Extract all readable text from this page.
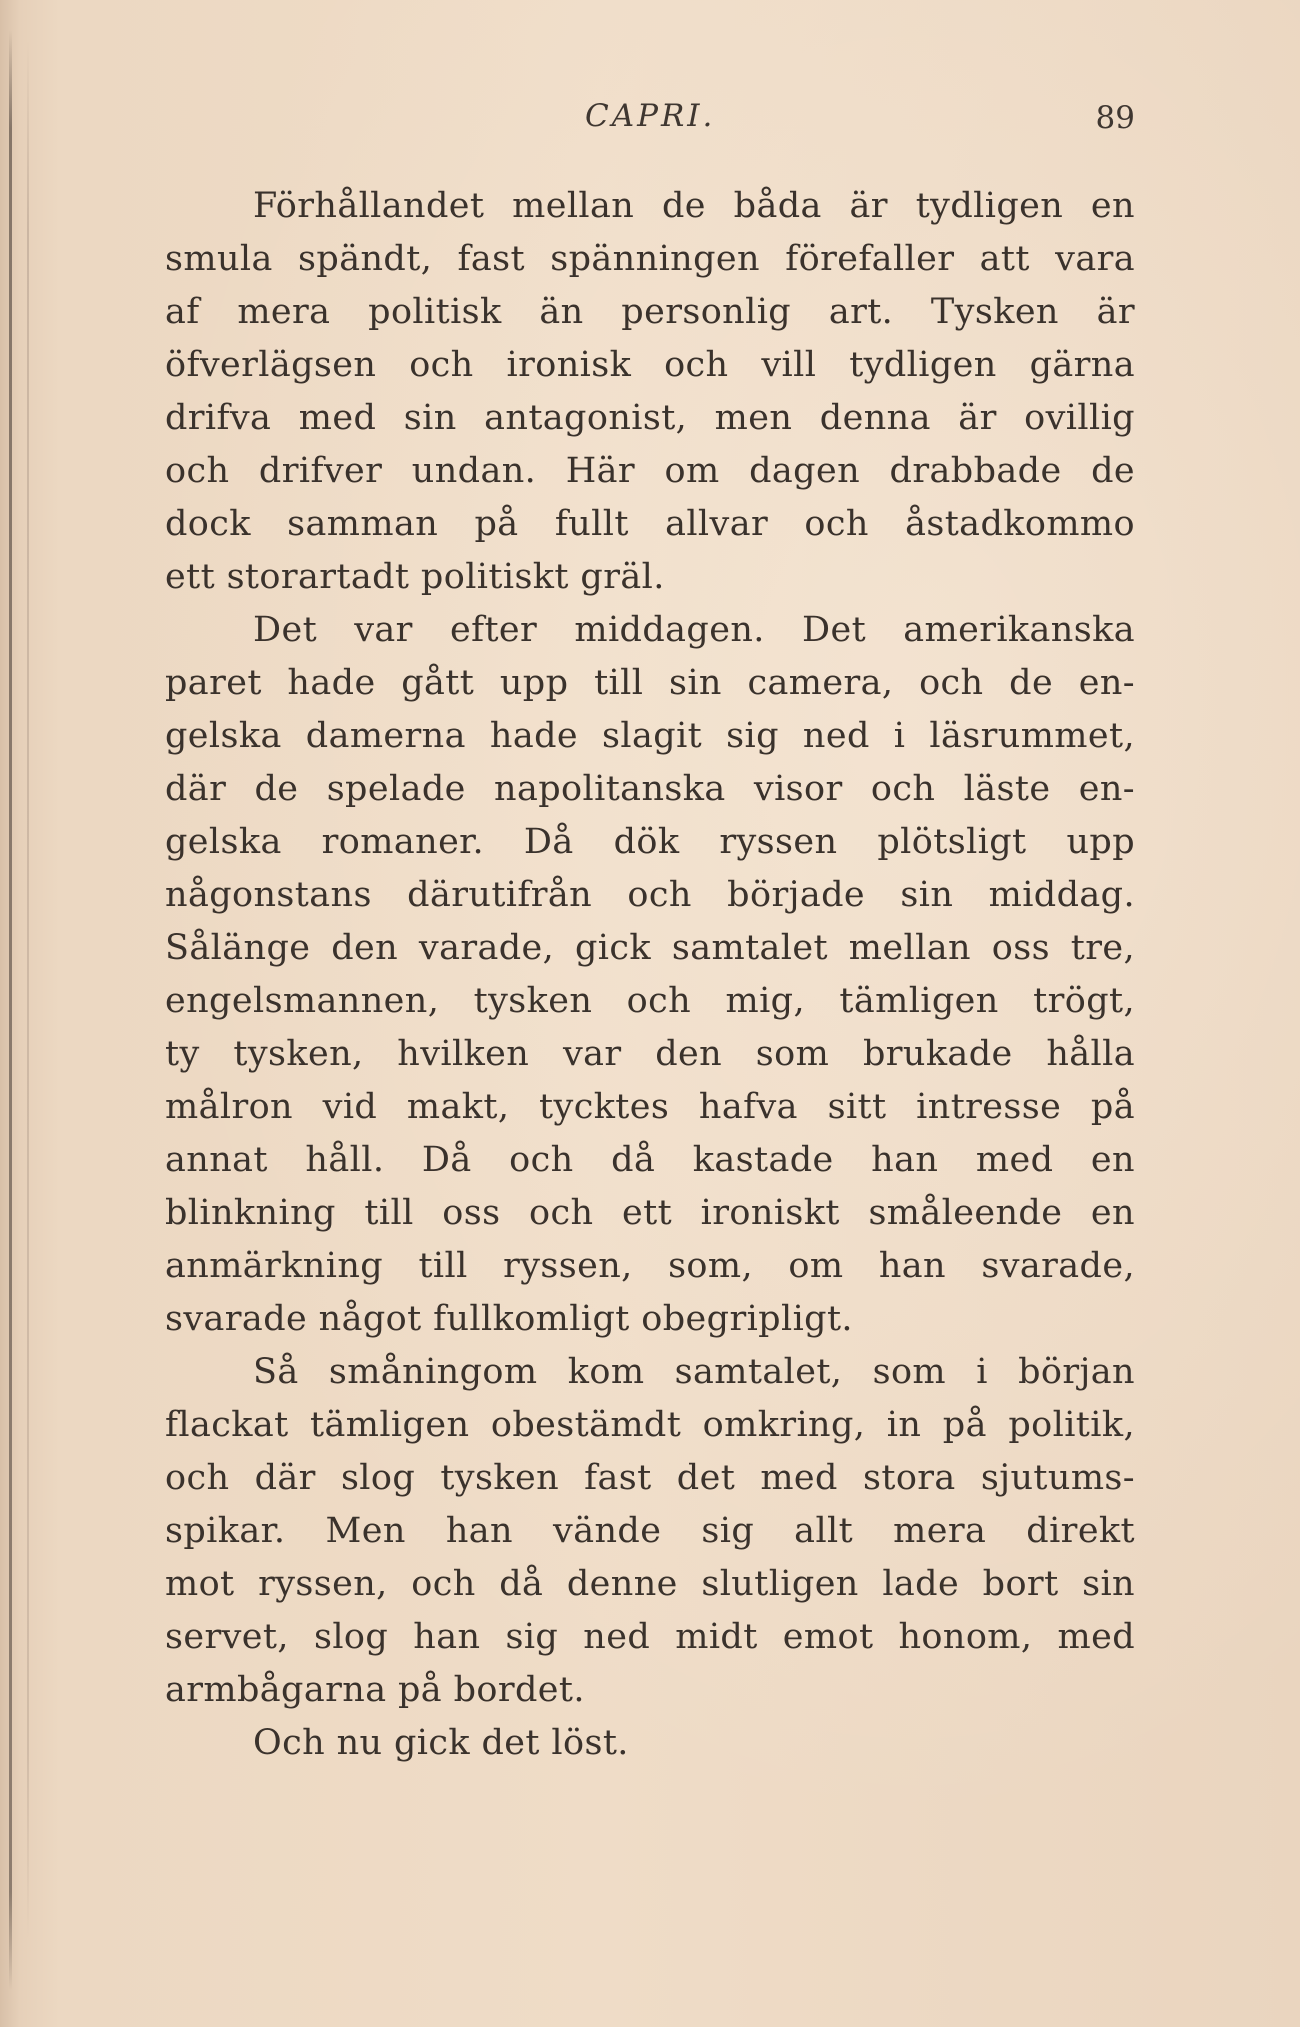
CAPRI.	89
Förhållandet mellan de båda är tydligen en
smula spändt, fast spänningen förefaller att vara
af mera politisk än personlig art. Tysken är
öfverlägsen och ironisk och vill tydligen gärna
drifva med sin antagonist, men denna är ovillig
och drifver undan. Här om dagen drabbade de
dock samman på fullt allvar och åstadkommo
ett storartadt politiskt gräl.
Det var efter middagen. Det amerikanska
paret hade gått upp till sin camera, och de en-
gelska damerna hade slagit sig ned i läsrummet,
där de spelade napolitanska visor och läste en-
gelska romaner. Då dök ryssen plötsligt upp
någonstans därutifrån och började sin middag.
Sålänge den varade, gick samtalet mellan oss tre,
engelsmannen, tysken och mig, tämligen trögt,
ty tysken, hvilken var den som brukade hålla
målron vid makt, tycktes hafva sitt intresse på
annat håll. Då och då kastade han med en
blinkning till oss och ett ironiskt småleende en
anmärkning till ryssen, som, om han svarade,
svarade något fullkomligt obegripligt.
Så småningom kom samtalet, som i början
flackat tämligen obestämdt omkring, in på politik,
och där slog tysken fast det med stora sjutums-
spikar. Men han vände sig allt mera direkt
mot ryssen, och då denne slutligen lade bort sin
servet, slog han sig ned midt emot honom, med
armbågarna på bordet.
Och nu gick det löst.
